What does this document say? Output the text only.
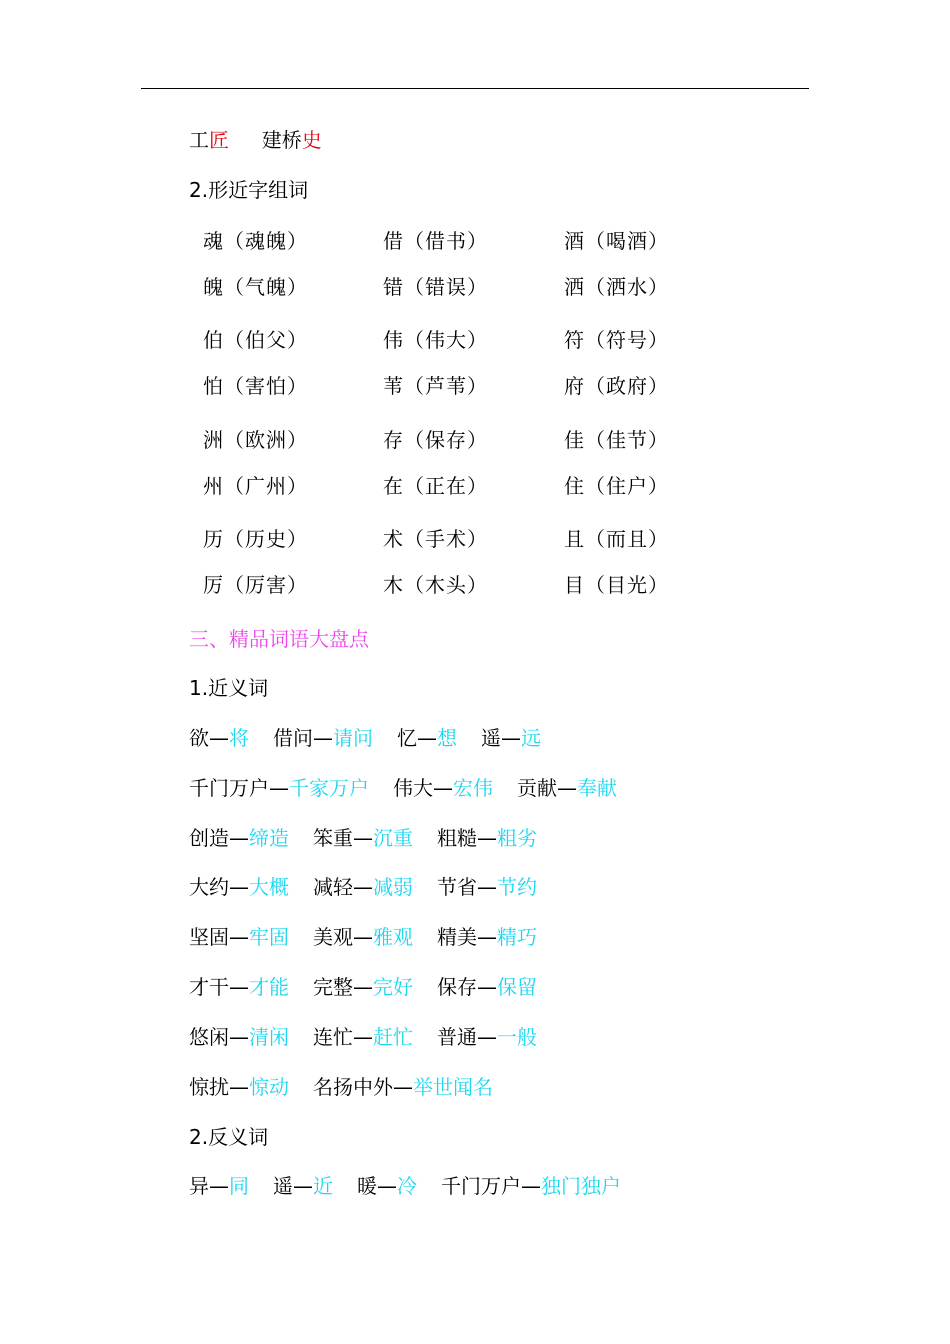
工匠 建桥史
2.形近字组词
魂（魂魄）	借（借书）	酒（喝酒）
魄（气魄）	错（错误）	洒（洒水）
伯（伯父）	伟（伟大）	符（符号）
怕（害怕）	苇（芦苇）	府（政府）
洲（欧洲）	存（保存）	佳（佳节）
州（广州）	在（正在）	住（住户）
历（历史）	术（手术）	且（而且）
厉（厉害）	木（木头）	目（目光）
三、精品词语大盘点
1.近义词
欲—将 借问—请问 忆—想 遥—远
千门万户—千家万户 伟大—宏伟 贡献—奉献
创造—缔造 笨重—沉重 粗糙—粗劣
大约—大概 减轻—减弱 节省—节约
坚固—牢固 美观—雅观 精美—精巧
才干—才能 完整—完好 保存—保留
悠闲—清闲 连忙—赶忙 普通—一般
惊扰—惊动 名扬中外—举世闻名
2.反义词
异—同 遥—近 暖—冷 千门万户—独门独户
